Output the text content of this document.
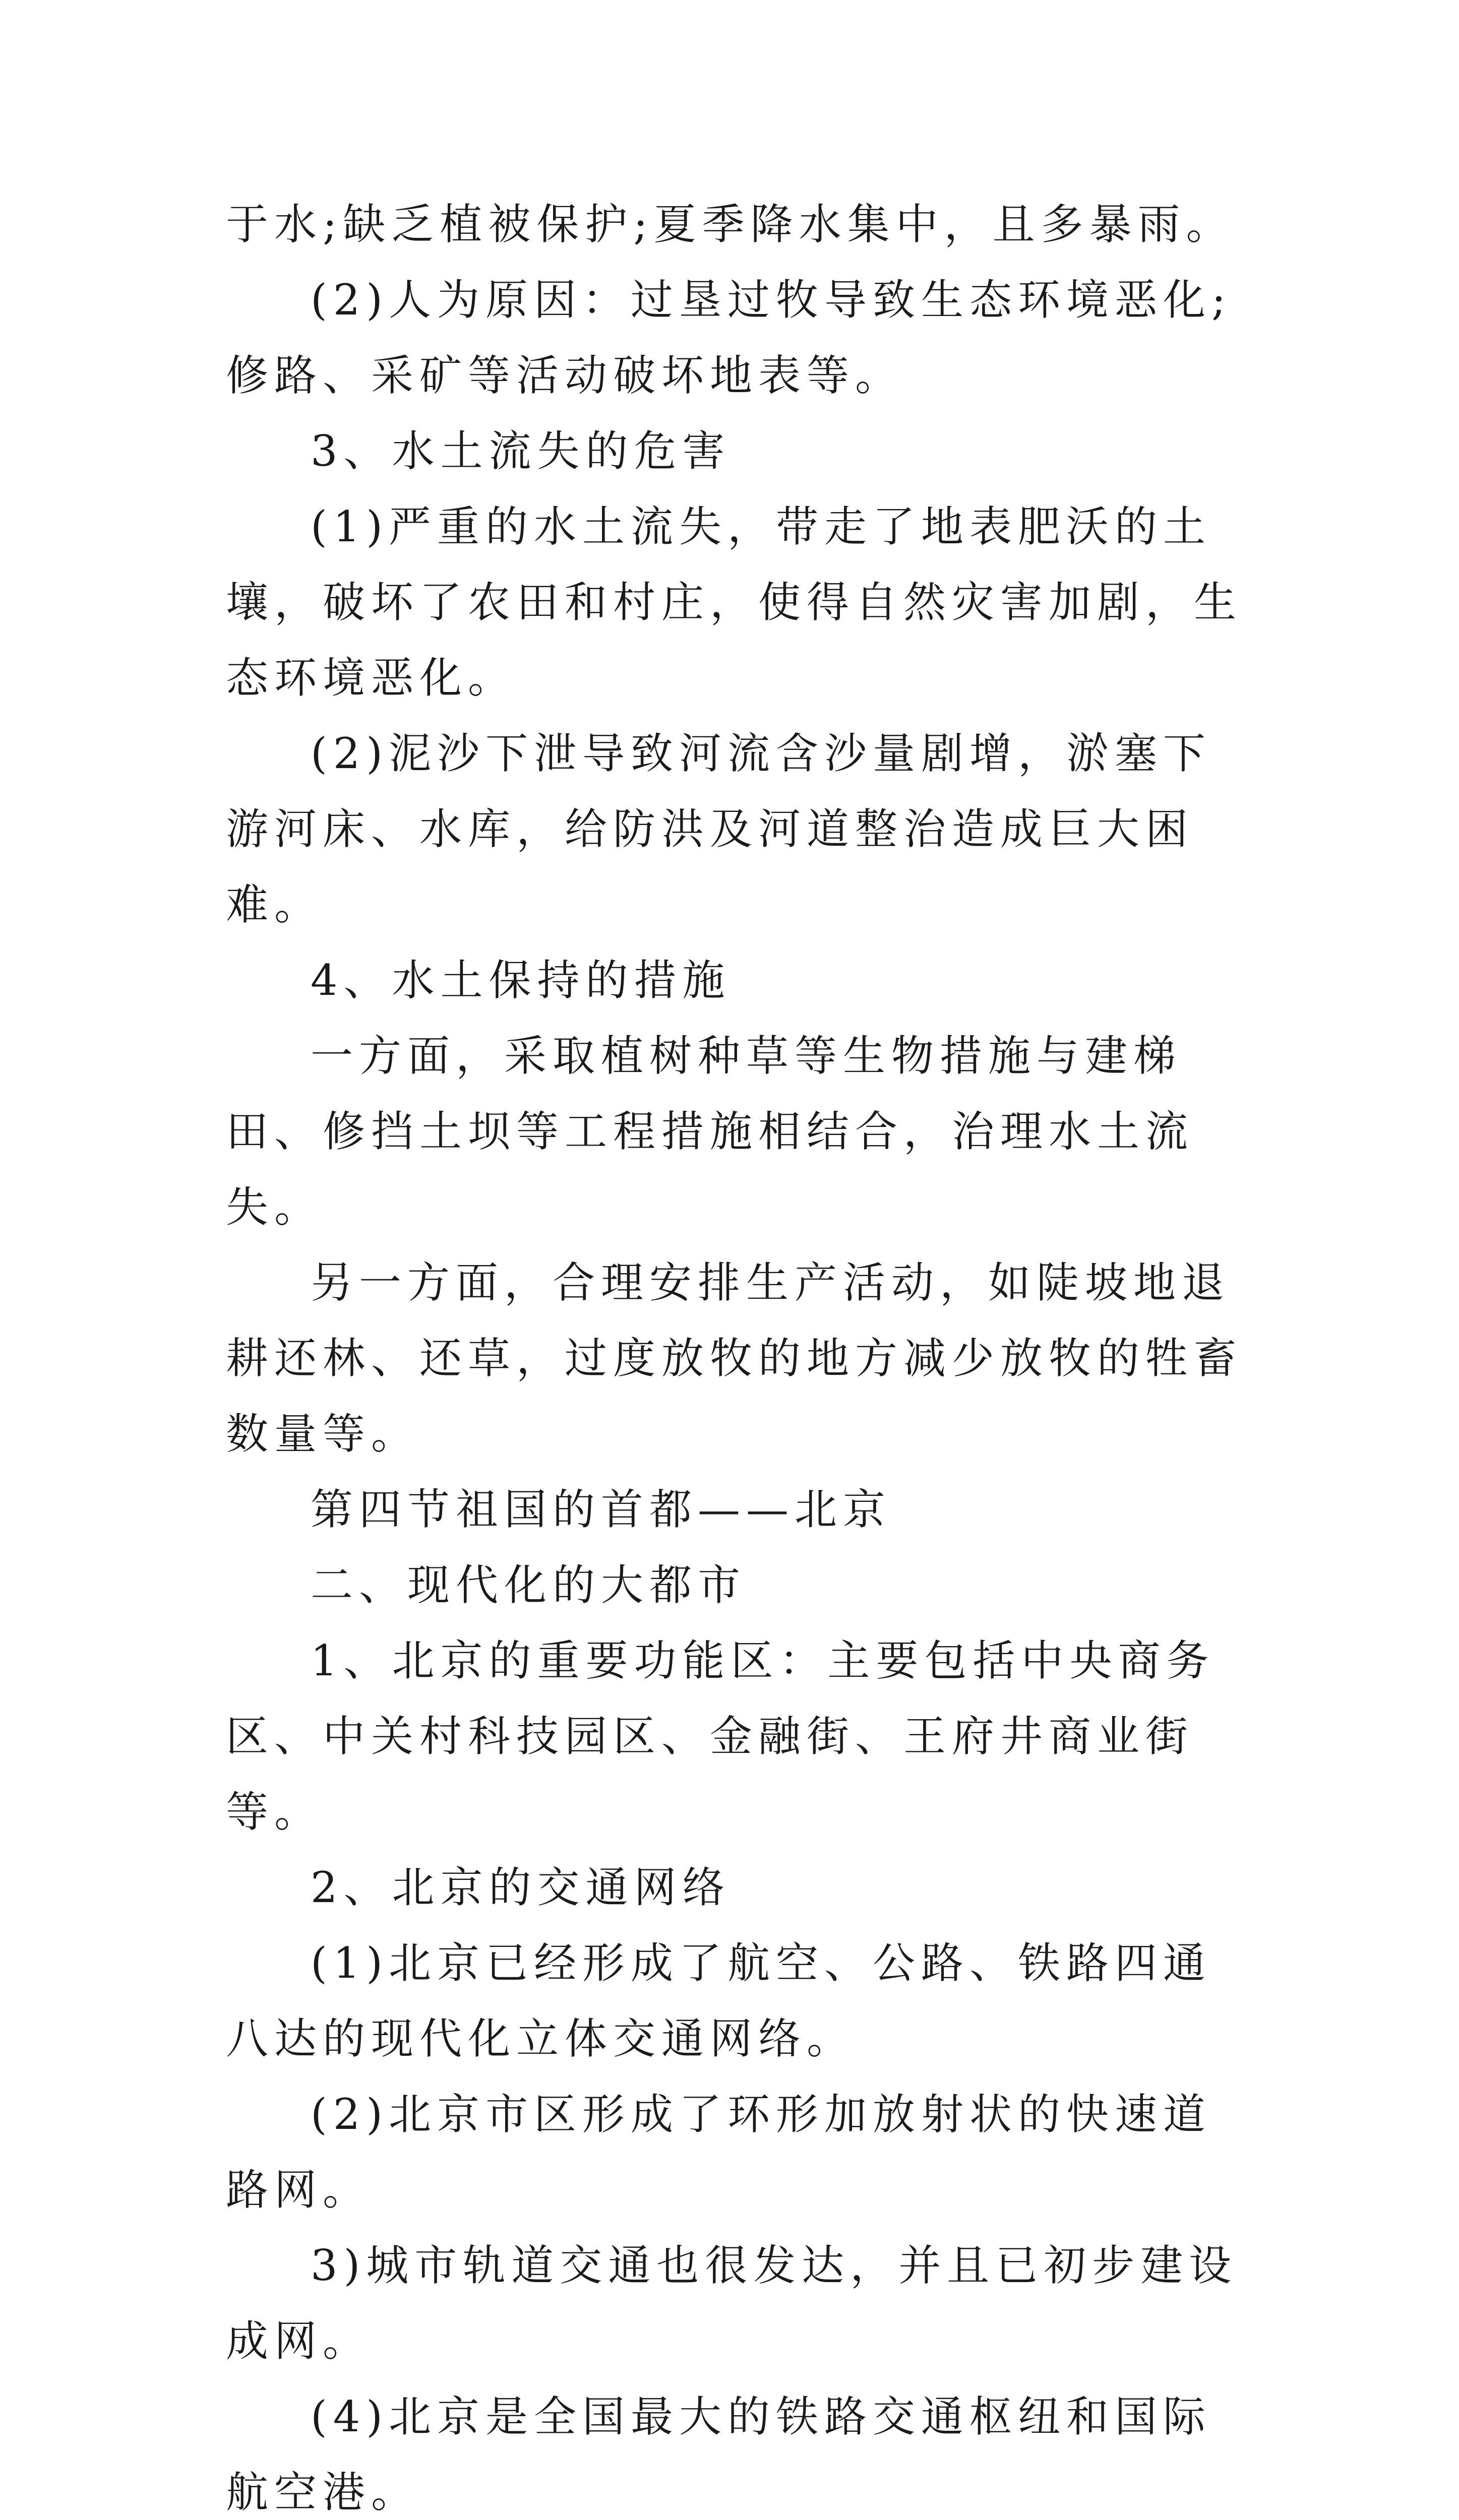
于水;缺乏植被保护;夏季降水集中，且多暴雨。

(2)人为原因：过垦过牧导致生态环境恶化;修路、采矿等活动破坏地表等。

3、水土流失的危害

(1)严重的水土流失，带走了地表肥沃的土壤，破坏了农田和村庄，使得自然灾害加剧，生态环境恶化。

(2)泥沙下泄导致河流含沙量剧增，淤塞下游河床、水库，给防洪及河道整治造成巨大困难。

4、水土保持的措施

一方面，采取植树种草等生物措施与建梯田、修挡土坝等工程措施相结合，治理水土流失。

另一方面，合理安排生产活动，如陡坡地退耕还林、还草，过度放牧的地方减少放牧的牲畜数量等。

第四节祖国的首都——北京

二、现代化的大都市

1、北京的重要功能区：主要包括中央商务区、中关村科技园区、金融街、王府井商业街等。

2、北京的交通网络

(1)北京已经形成了航空、公路、铁路四通八达的现代化立体交通网络。

(2)北京市区形成了环形加放射状的快速道路网。

3)城市轨道交通也很发达，并且已初步建设成网。

(4)北京是全国最大的铁路交通枢纽和国际航空港。
